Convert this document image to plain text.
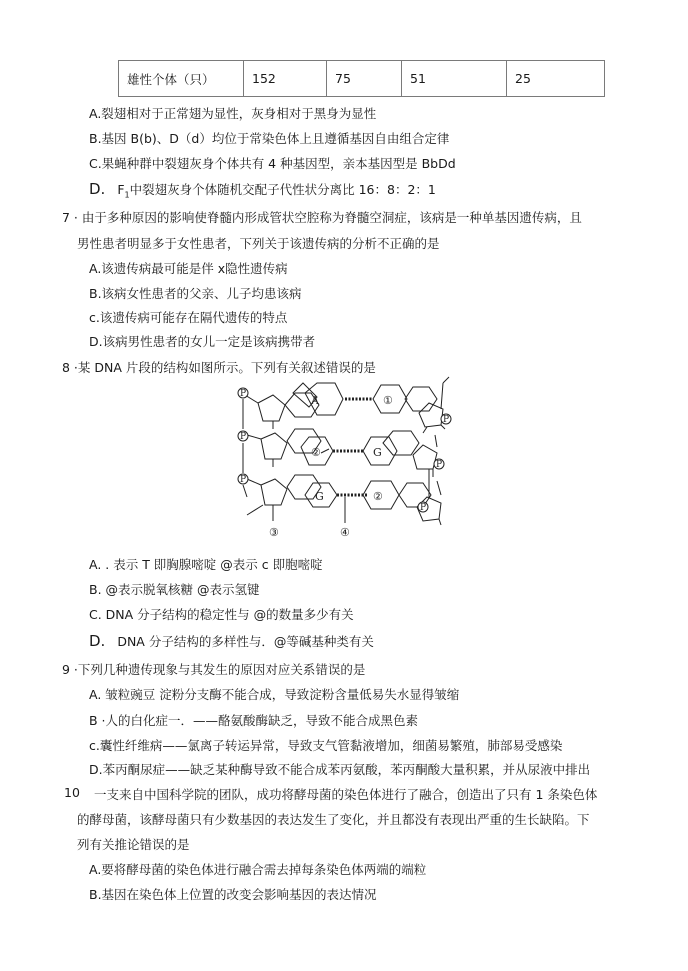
雄性个体（只）	152	75	51	25
A.裂翅相对于正常翅为显性，灰身相对于黑身为显性
B.基因 B(b)、D（d）均位于常染色体上且遵循基因自由组合定律
C.果蝇种群中裂翅灰身个体共有 4 种基因型，亲本基因型是 BbDd
D. $F_1$中裂翅灰身个体随机交配子代性状分离比 16：8：2：1
7 · 由于多种原因的影响使脊髓内形成管状空腔称为脊髓空洞症，该病是一种单基因遗传病，且
男性患者明显多于女性患者，下列关于该遗传病的分析不正确的是
A.该遗传病最可能是伴 x隐性遗传病
B.该病女性患者的父亲、儿子均患该病
c.该遗传病可能存在隔代遗传的特点
D.该病男性患者的女儿一定是该病携带者
8 ·某 DNA 片段的结构如图所示。下列有关叙述错误的是
P
P
P
P
P
P
A	①
②	G
G	②
③	④
A. . 表示 T 即胸腺嘧啶 @表示 c 即胞嘧啶
B. @表示脱氧核糖 @表示氢键
C. DNA 分子结构的稳定性与 @的数量多少有关
D. DNA 分子结构的多样性与．@等碱基种类有关
9 ·下列几种遗传现象与其发生的原因对应关系错误的是
A. 皱粒豌豆 淀粉分支酶不能合成，导致淀粉含量低易失水显得皱缩
B ·人的白化症一．——酪氨酸酶缺乏，导致不能合成黑色素
c.囊性纤维病——氯离子转运异常，导致支气管黏液增加，细菌易繁殖，肺部易受感染
D.苯丙酮尿症——缺乏某种酶导致不能合成苯丙氨酸，苯丙酮酸大量积累，并从尿液中排出
10 一支来自中国科学院的团队，成功将酵母菌的染色体进行了融合，创造出了只有 1 条染色体
的酵母菌，该酵母菌只有少数基因的表达发生了变化，并且都没有表现出严重的生长缺陷。下
列有关推论错误的是
A.要将酵母菌的染色体进行融合需去掉每条染色体两端的端粒
B.基因在染色体上位置的改变会影响基因的表达情况
